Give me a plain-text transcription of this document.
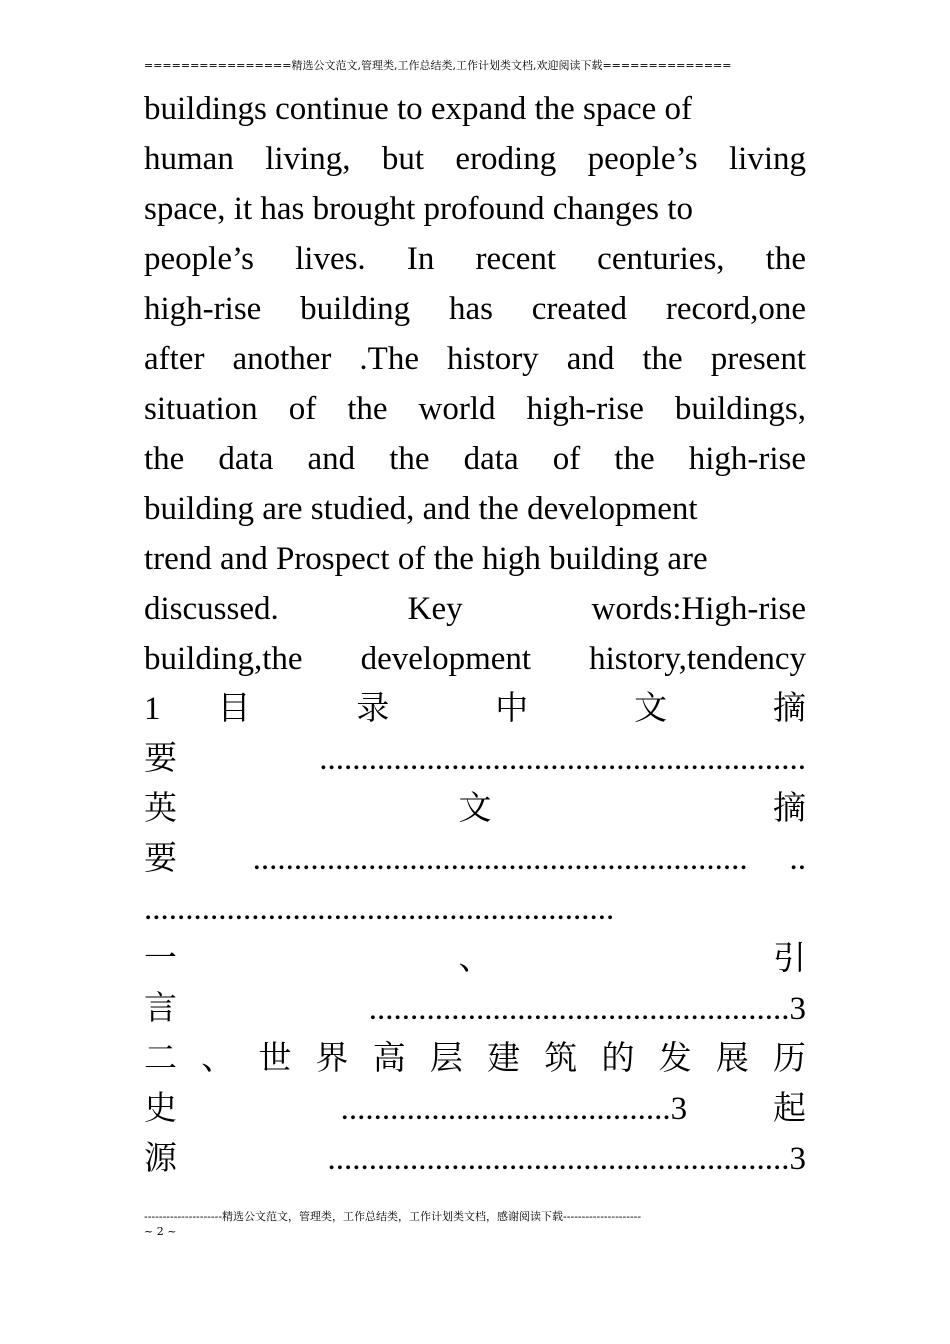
================精选公文范文,管理类,工作总结类,工作计划类文档,欢迎阅读下载==============
buildings continue to expand the space of
human living, but eroding people’s living
space, it has brought profound changes to
people’s lives. In recent centuries, the
high-rise building has created record,one
after another .The history and the present
situation of the world high-rise buildings,
the data and the data of the high-rise
building are studied, and the development
trend and Prospect of the high building are
discussed. Key words:High-rise
building,the development history,tendency
1 目 录 中 文 摘
要 ...........................................................
英 文 摘
要 ............................................................ ..
.........................................................
一 、 引
言 ...................................................3
二 、 世 界 高 层 建 筑 的 发 展 历
史 ........................................3 起
源 ........................................................3
---------------------精选公文范文，管理类，工作总结类，工作计划类文档，感谢阅读下载---------------------
~ 2 ~
